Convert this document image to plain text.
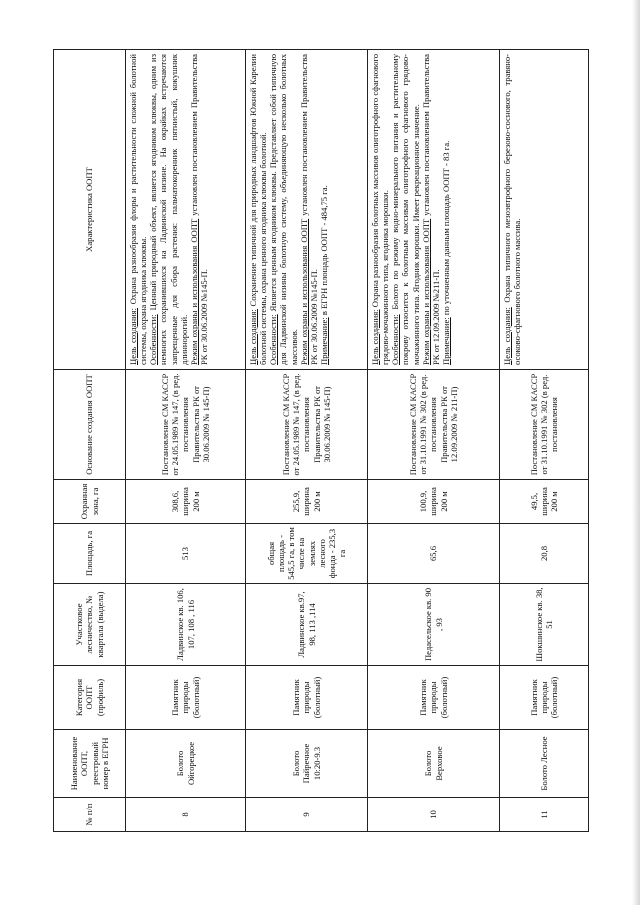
№ п/п	Наименование ООПТ, реестровый номер в ЕГРН	Категория ООПТ (профиль)	Участковое лесничество, № квартала (выдела)	Площадь, га	Охранная зона, га	Основание создания ООПТ	Характеристика ООПТ
8	Болото Ойгорецкое	Памятник природы (болотный)	Ладвинское кв. 106, 107, 108 , 116	513	308,6, ширина 200 м	Постановление СМ КАССР от 24.05.1989 № 147, (в ред. постановления Правительства РК от 30.06.2009 № 145-П)	Цель создания: Охрана разнообразия флоры и растительности сложной болотной системы, охрана ягодника клюквы.
Особенности: Ценный природный объект, является ягодником клюквы, одним из немногих сохранившихся на Ладвинской низине. На окрайках встречаются запрещенные для сбора растения: пальчатокоренник пятнистый, кокушник длиннорогий.
Режим охраны и использования ООПТ установлен постановлением Правительства РК от 30.06.2009 №145-П.
9	Болото Пайречное 10:20-9.3	Памятник природы (болотный)	Ладвинское кв.97, 98, 113 ,114	общая площадь - 545,5 га, в том числе на землях лесного фонда - 235,3 га	255,9, ширина 200 м	Постановление СМ КАССР от 24.05.1989 № 147, (в ред. постановления Правительства РК от 30.06.2009 № 145-П)	Цель создания: Сохранение типичной для природных ландшафтов Южной Карелии болотной системы, охрана ценного ягодника клюквы болотной.
Особенности: Является ценным ягодником клюквы. Представляет собой типичную для Ладвинской низины болотную систему, объединяющую несколько болотных массивов.
Режим охраны и использования ООПТ установлен постановлением Правительства РК от 30.06.2009 №145-П.
Примечание: в ЕГРН площадь ООПТ - 484,75 га.
10	Болото Верховое	Памятник природы (болотный)	Педасельское кв. 90 , 93	65,6	100,9, ширина 200 м	Постановление СМ КАССР от 31.10.1991 № 302 (в ред. постановления Правительства РК от 12.09.2009 № 211-П)	Цель создания: Охрана разнообразия болотных массивов олиготрофного сфагнового грядово-мочажинного типа, ягодника морошки.
Особенности: Болото по режиму водно-минерального питания и растительному покрову относится к болотным массивам олиготрофного сфагнового грядово-мочажинного типа. Ягодник морошки. Имеет рекреационное значение.
Режим охраны и использования ООПТ установлен постановлением Правительства РК от 12.09.2009 №211-П.
Примечание: по уточненным данным площадь ООПТ - 83 га.
11	Болото Лесное	Памятник природы (болотный)	Шокшинское кв. 38, 51	20,8	49,5, ширина 200 м	Постановление СМ КАССР от 31.10.1991 № 302 (в ред. постановления	Цель создания: Охрана типичного мезоэвтрофного березово-соснового, травяно-осоково-сфагнового болотного массива.
